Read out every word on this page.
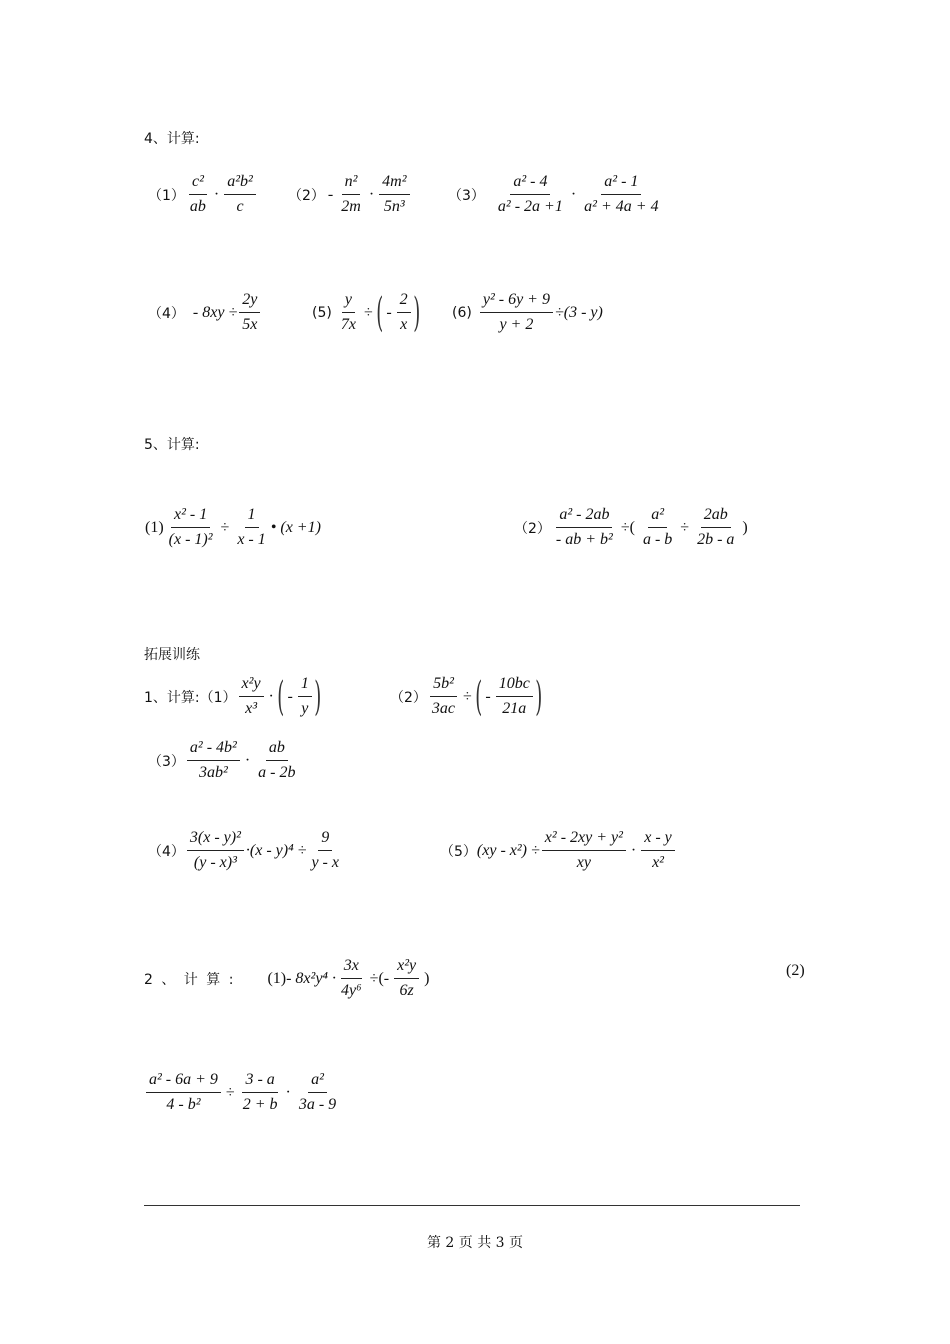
4、计算:
$(1) \frac{\text{c²}}{ab} \cdot \frac{\text{a²b²}}{c} (2) - \frac{\text{n²}}{2m} \cdot \frac{\text{4m²}}{\text{5n³}}$	$(3) \frac{\text{a² - 4}}{\text{a² - 2a +1}} \cdot \frac{\text{a² - 1}}{\text{a² + 4a + 4}}$
$(4) - 8xy \div \frac{2y}{5x}$	$(5) \frac{y}{7x}$ ÷ ( - $\frac{2}{x}$ ) $(6) \frac{\text{y² - 6y + 9}}{y + 2} \div(3 - y)$
5、计算:
$(1) \frac{\text{x² - 1}}{\text{(x - 1)²}} \div \frac{1}{x - 1}$ • (x +1)	$(2) \frac{\text{a² - 2ab}}{\text{- ab + b²}}$ ÷( $\frac{\text{a²}}{a - b} \div \frac{2ab}{2b - a}$ )
拓展训练
1、计算: $(1) \frac{\text{x²y}}{\text{x³}}$ · ( - $\frac{1}{y}$ )	$(2) \frac{\text{5b²}}{3ac}$ ÷ ( - $\frac{10bc}{21a}$ )
$(3) \frac{\text{a² - 4b²}}{\text{3ab²}} \cdot \frac{ab}{a - 2b}$
$(4) \frac{\text{3(x - y)²}}{\text{(y - x)³}} \cdot(x - y)^4 \div \frac{9}{y - x}$	（5） $(xy - x^2) \div \frac{\text{x² - 2xy + y²}}{xy} \cdot \frac{x - y}{\text{x²}}$
2 、 计 算 : $(1) - 8x^2y^4 \cdot \frac{3x}{\text{4y⁶}}$ ÷(- $\frac{\text{x²y}}{6z}$ )	(2)
$\frac{\text{a² - 6a + 9}}{\text{4 - b²}} \div \frac{3 - a}{2 + b} \cdot \frac{\text{a²}}{3a - 9}$
第 2 页 共 3 页
